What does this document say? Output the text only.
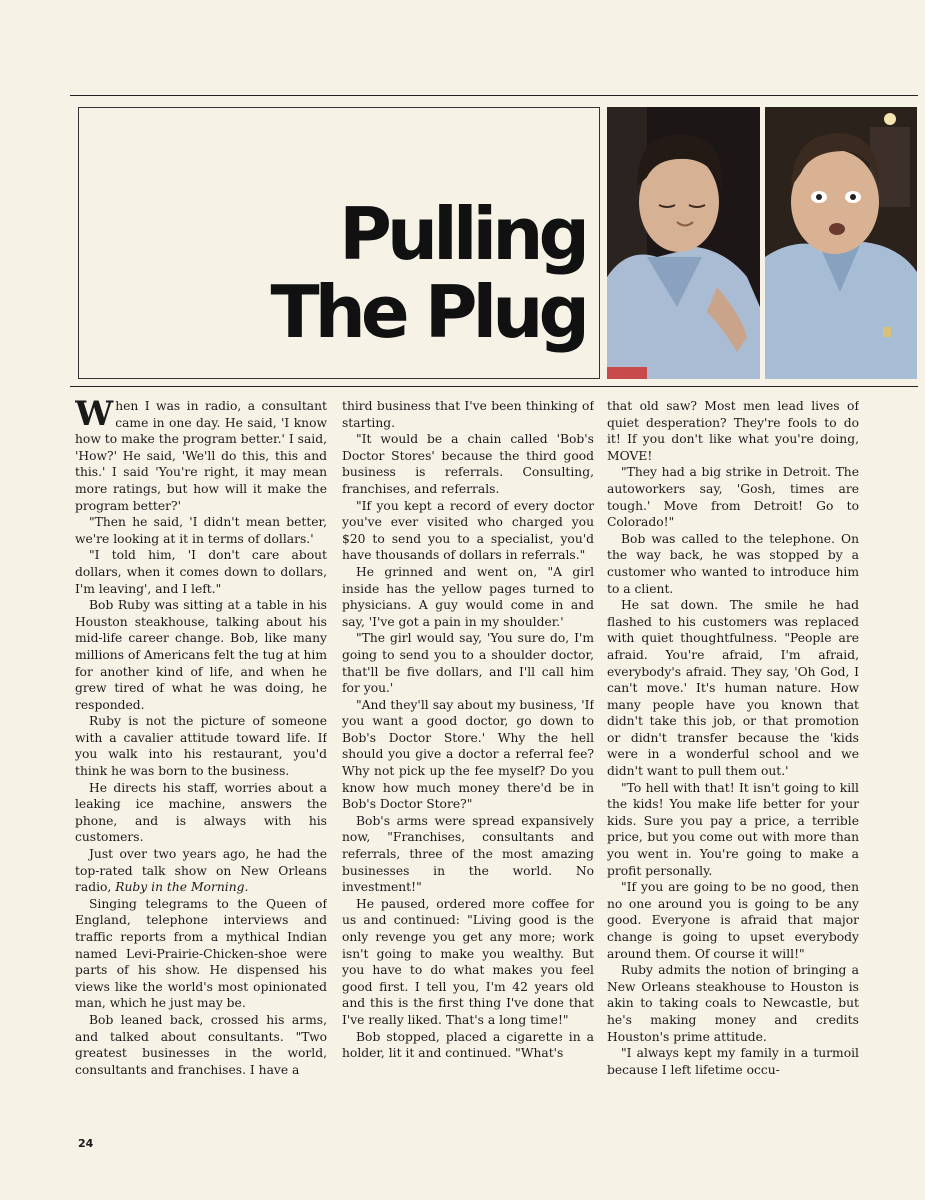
Pulling
The Plug

When I was in radio, a consultant came in one day. He said, 'I know how to make the program better.' I said, 'How?' He said, 'We'll do this, this and this.' I said 'You're right, it may mean more ratings, but how will it make the program better?'

"Then he said, 'I didn't mean better, we're looking at it in terms of dollars.'

"I told him, 'I don't care about dollars, when it comes down to dollars, I'm leaving', and I left."

Bob Ruby was sitting at a table in his Houston steakhouse, talking about his mid-life career change. Bob, like many millions of Americans felt the tug at him for another kind of life, and when he grew tired of what he was doing, he responded.

Ruby is not the picture of someone with a cavalier attitude toward life. If you walk into his restaurant, you'd think he was born to the business.

He directs his staff, worries about a leaking ice machine, answers the phone, and is always with his customers.

Just over two years ago, he had the top-rated talk show on New Orleans radio, Ruby in the Morning.

Singing telegrams to the Queen of England, telephone interviews and traffic reports from a mythical Indian named Levi-Prairie-Chicken-shoe were parts of his show. He dispensed his views like the world's most opinionated man, which he just may be.

Bob leaned back, crossed his arms, and talked about consultants. "Two greatest businesses in the world, consultants and franchises. I have a

third business that I've been thinking of starting.

"It would be a chain called 'Bob's Doctor Stores' because the third good business is referrals. Consulting, franchises, and referrals.

"If you kept a record of every doctor you've ever visited who charged you $20 to send you to a specialist, you'd have thousands of dollars in referrals."

He grinned and went on, "A girl inside has the yellow pages turned to physicians. A guy would come in and say, 'I've got a pain in my shoulder.'

"The girl would say, 'You sure do, I'm going to send you to a shoulder doctor, that'll be five dollars, and I'll call him for you.'

"And they'll say about my business, 'If you want a good doctor, go down to Bob's Doctor Store.' Why the hell should you give a doctor a referral fee? Why not pick up the fee myself? Do you know how much money there'd be in Bob's Doctor Store?"

Bob's arms were spread expansively now, "Franchises, consultants and referrals, three of the most amazing businesses in the world. No investment!"

He paused, ordered more coffee for us and continued: "Living good is the only revenge you get any more; work isn't going to make you wealthy. But you have to do what makes you feel good first. I tell you, I'm 42 years old and this is the first thing I've done that I've really liked. That's a long time!"

Bob stopped, placed a cigarette in a holder, lit it and continued. "What's

that old saw? Most men lead lives of quiet desperation? They're fools to do it! If you don't like what you're doing, MOVE!

"They had a big strike in Detroit. The autoworkers say, 'Gosh, times are tough.' Move from Detroit! Go to Colorado!"

Bob was called to the telephone. On the way back, he was stopped by a customer who wanted to introduce him to a client.

He sat down. The smile he had flashed to his customers was replaced with quiet thoughtfulness. "People are afraid. You're afraid, I'm afraid, everybody's afraid. They say, 'Oh God, I can't move.' It's human nature. How many people have you known that didn't take this job, or that promotion or didn't transfer because the 'kids were in a wonderful school and we didn't want to pull them out.'

"To hell with that! It isn't going to kill the kids! You make life better for your kids. Sure you pay a price, a terrible price, but you come out with more than you went in. You're going to make a profit personally.

"If you are going to be no good, then no one around you is going to be any good. Everyone is afraid that major change is going to upset everybody around them. Of course it will!"

Ruby admits the notion of bringing a New Orleans steakhouse to Houston is akin to taking coals to Newcastle, but he's making money and credits Houston's prime attitude.

"I always kept my family in a turmoil because I left lifetime occu-

24
